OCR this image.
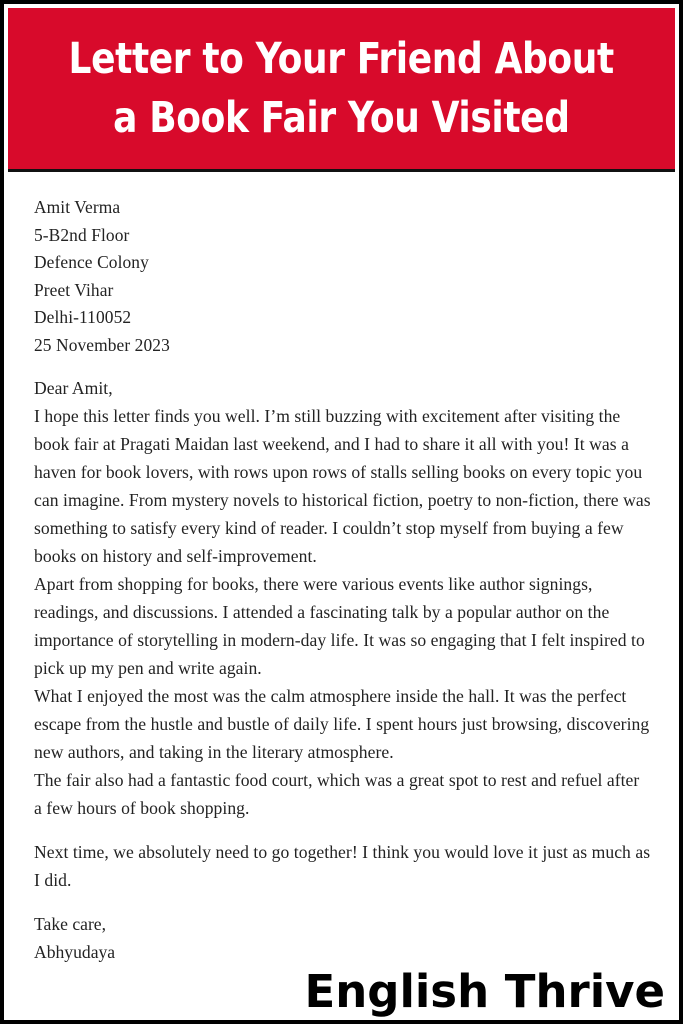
Letter to Your Friend About
a Book Fair You Visited
Amit Verma
5-B2nd Floor
Defence Colony
Preet Vihar
Delhi-110052
25 November 2023

Dear Amit,

I hope this letter finds you well. I’m still buzzing with excitement after visiting the book fair at Pragati Maidan last weekend, and I had to share it all with you! It was a haven for book lovers, with rows upon rows of stalls selling books on every topic you can imagine. From mystery novels to historical fiction, poetry to non-fiction, there was something to satisfy every kind of reader. I couldn’t stop myself from buying a few books on history and self-improvement.

Apart from shopping for books, there were various events like author signings, readings, and discussions. I attended a fascinating talk by a popular author on the importance of storytelling in modern-day life. It was so engaging that I felt inspired to pick up my pen and write again.

What I enjoyed the most was the calm atmosphere inside the hall. It was the perfect escape from the hustle and bustle of daily life. I spent hours just browsing, discovering new authors, and taking in the literary atmosphere.

The fair also had a fantastic food court, which was a great spot to rest and refuel after a few hours of book shopping.

Next time, we absolutely need to go together! I think you would love it just as much as I did.

Take care,
Abhyudaya
English Thrive
